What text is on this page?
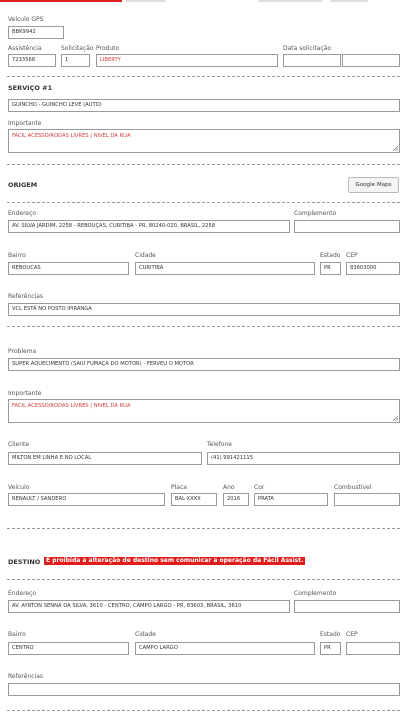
Veículo GPS
BBK9942
Assistência	Solicitação Produto	Data solicitação
7233568	1	LIBERTY
SERVIÇO #1
GUINCHO - GUINCHO LEVE (AUTO)
Importante
FACIL ACESSO/RODAS LIVRES | NIVEL DA RUA
ORIGEM	Google Maps
Endereço	Complemento
AV. SILVA JARDIM, 2258 - REBOUÇAS, CURITIBA - PR, 80240-020, BRASIL, 2258
Bairro	Cidade	Estado CEP
REBOUCAS	CURITIBA	PR	83603000
Referências
VCL ESTÁ NO POSTO IPIRANGA
Problema
SUPER AQUECIMENTO (SAIU FUMAÇA DO MOTOR) - FERVEU O MOTOR
Importante
FACIL ACESSO/RODAS LIVRES | NIVEL DA RUA
Cliente	Telefone
MILTON EM LINHA E NO LOCAL	(41) 991421115
Veículo	Placa	Ano	Cor	Combustível
RENAULT / SANDERO	BAL-XXXX	2016	PRATA
DESTINO É proibida a alteração de destino sem comunicar a operação da Fácil Assist.
Endereço	Complemento
AV. AYRTON SENNA DA SILVA, 3610 - CENTRO, CAMPO LARGO - PR, 83603, BRASIL, 3610
Bairro	Cidade	Estado CEP
CENTRO	CAMPO LARGO	PR
Referências
